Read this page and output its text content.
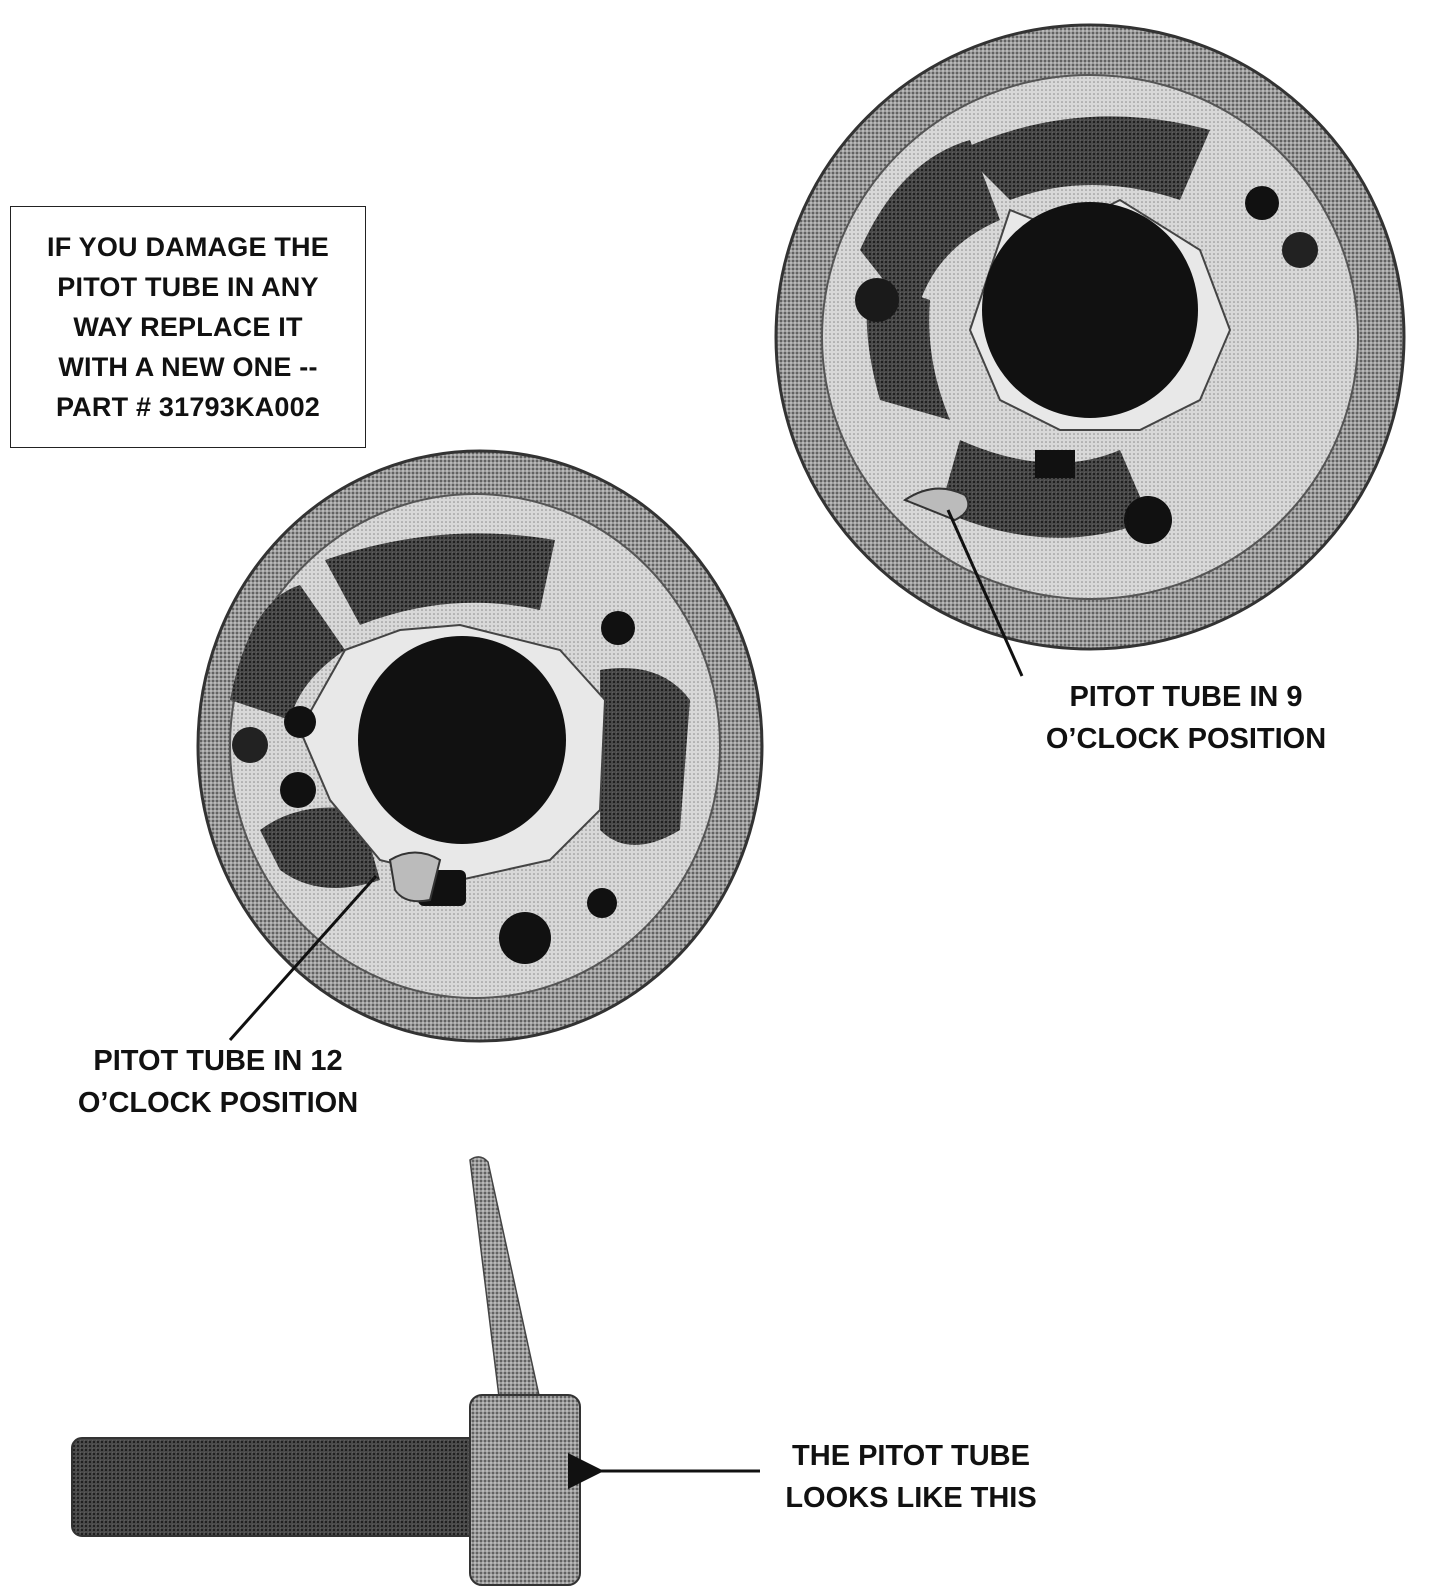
IF YOU DAMAGE THE
PITOT TUBE IN ANY
WAY REPLACE IT
WITH A NEW ONE --
PART # 31793KA002
PITOT TUBE IN 9
O’CLOCK POSITION
PITOT TUBE IN 12
O’CLOCK POSITION
THE PITOT TUBE
LOOKS LIKE THIS
